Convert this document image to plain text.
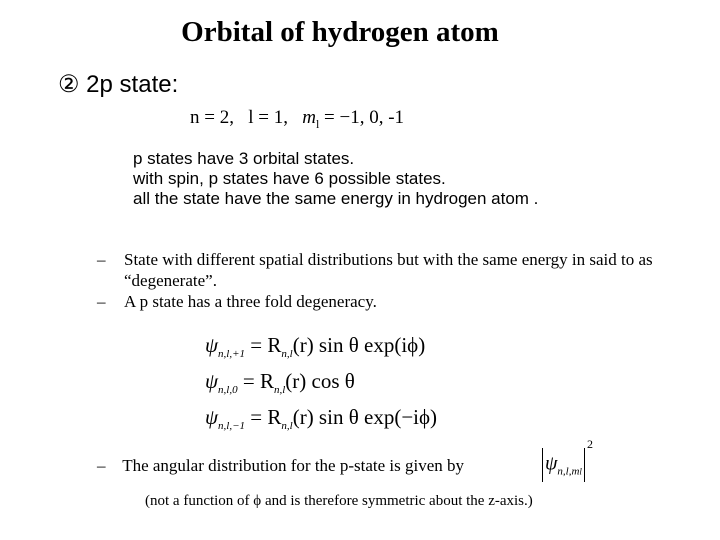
Orbital of hydrogen atom
② 2p state:
n = 2, l = 1, $m_l = -1$, 0, -1
p states have 3 orbital states.
with spin, p states have 6 possible states.
all the state have the same energy in hydrogen atom .
– State with different spatial distributions but with the same energy in said to as “degenerate”.
– A p state has a three fold degeneracy.
$\psi_{n,l,+1} = R_{n,l}(r)$ sin θ exp(iϕ)
$\psi_{n,l,0} = R_{n,l}(r)$ cos θ
$\psi_{n,l,-1} = R_{n,l}(r)$ sin θ exp(−iϕ)
– The angular distribution for the p-state is given by	$\psi_{n,l,ml}^2$
(not a function of ϕ and is therefore symmetric about the z-axis.)
